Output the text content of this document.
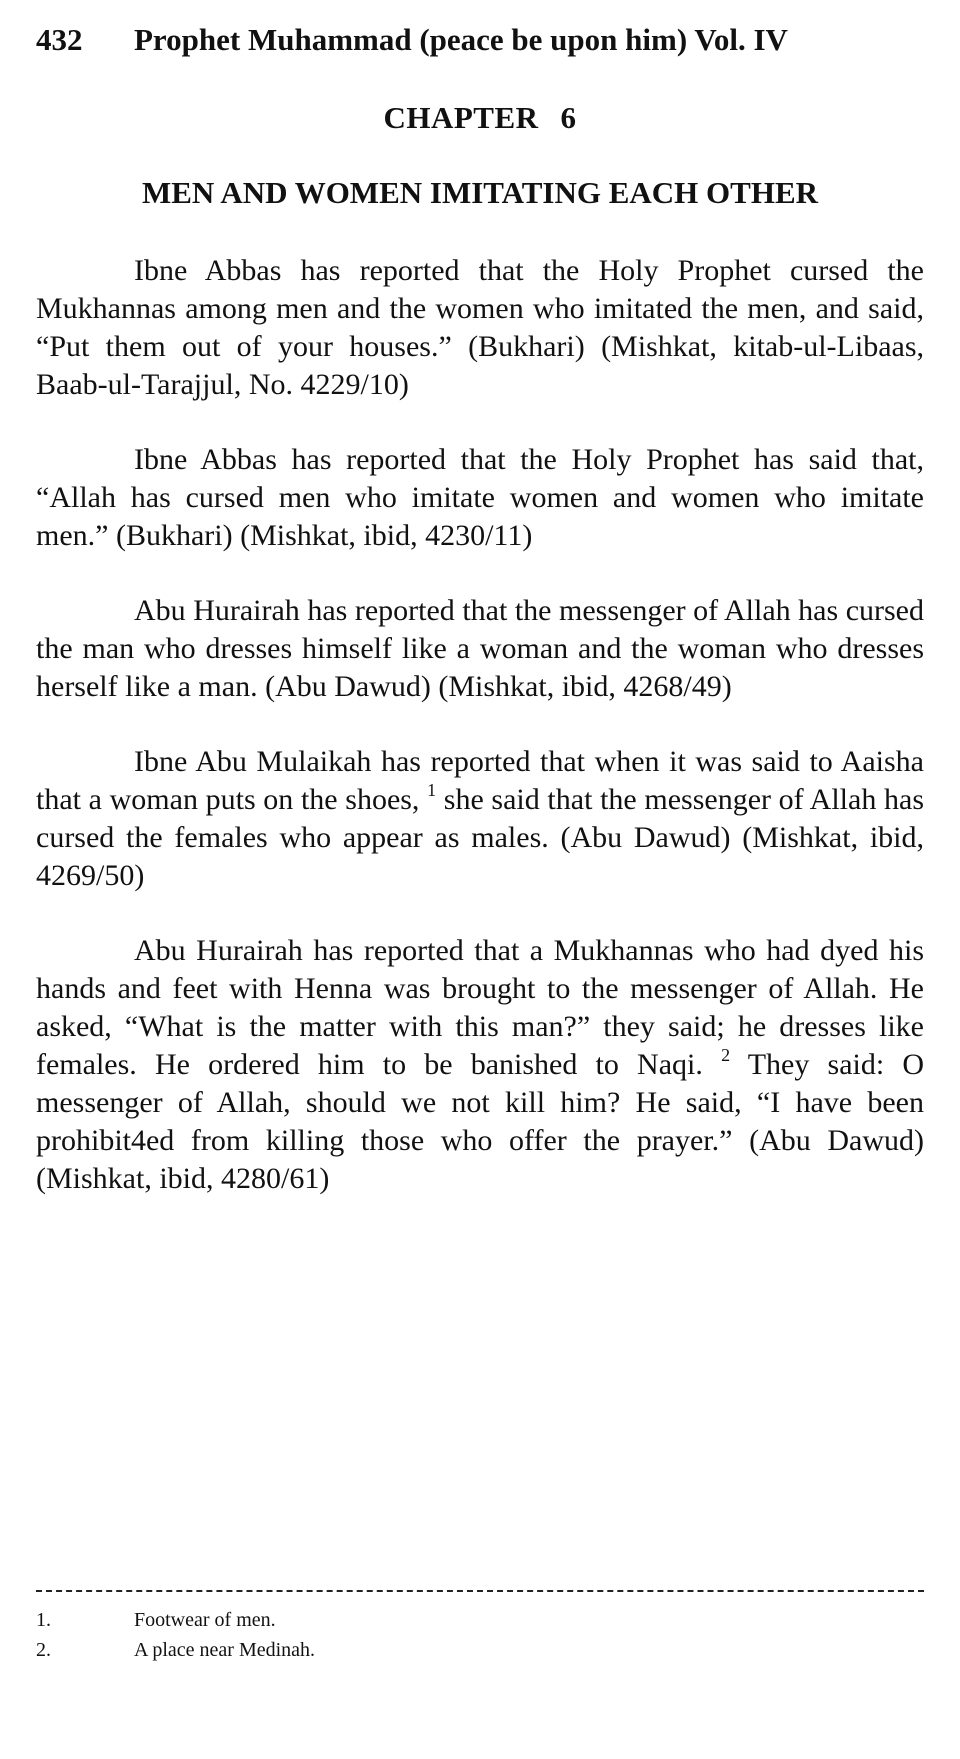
432 Prophet Muhammad (peace be upon him) Vol. IV
CHAPTER 6
MEN AND WOMEN IMITATING EACH OTHER

Ibne Abbas has reported that the Holy Prophet cursed the Mukhannas among men and the women who imitated the men, and said, “Put them out of your houses.” (Bukhari) (Mishkat, kitab-ul-Libaas, Baab-ul-Tarajjul, No. 4229/10)

Ibne Abbas has reported that the Holy Prophet has said that, “Allah has cursed men who imitate women and women who imitate men.” (Bukhari) (Mishkat, ibid, 4230/11)

Abu Hurairah has reported that the messenger of Allah has cursed the man who dresses himself like a woman and the woman who dresses herself like a man. (Abu Dawud) (Mishkat, ibid, 4268/49)

Ibne Abu Mulaikah has reported that when it was said to Aaisha that a woman puts on the shoes, $^1$ she said that the messenger of Allah has cursed the females who appear as males. (Abu Dawud) (Mishkat, ibid, 4269/50)

Abu Hurairah has reported that a Mukhannas who had dyed his hands and feet with Henna was brought to the messenger of Allah. He asked, “What is the matter with this man?” they said; he dresses like females. He ordered him to be banished to Naqi. $^2$ They said: O messenger of Allah, should we not kill him? He said, “I have been prohibit4ed from killing those who offer the prayer.” (Abu Dawud) (Mishkat, ibid, 4280/61)

1.	Footwear of men.
2.	A place near Medinah.
